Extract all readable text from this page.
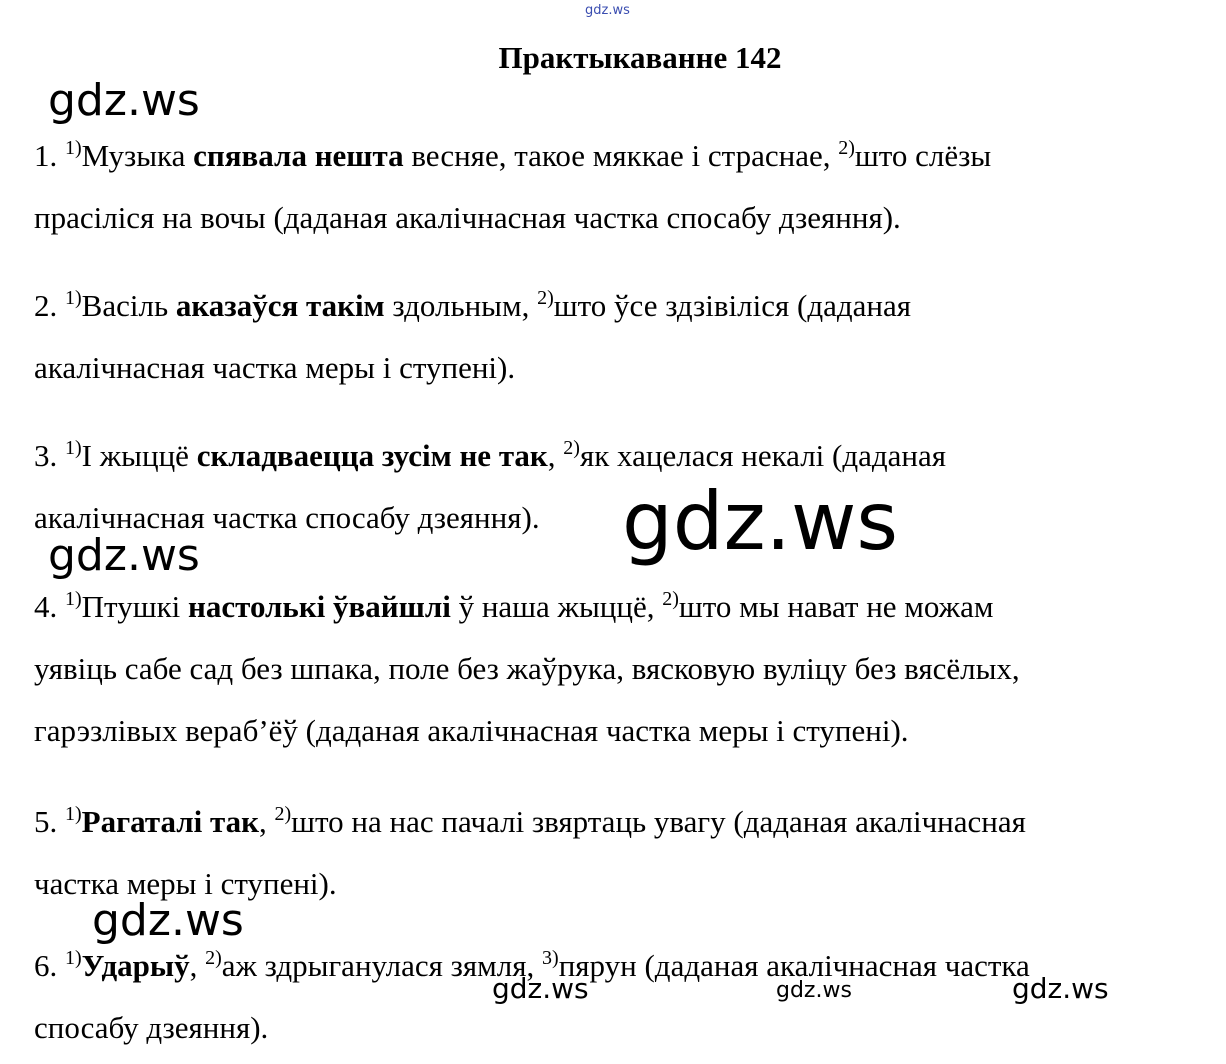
Практыкаванне 142
1. $^{1)}$Музыка спявала нешта весняе, такое мяккае і страснае, $^{2)}$што слёзы
прасіліся на вочы (даданая акалічнасная частка спосабу дзеяння).
2. $^{1)}$Васіль аказаўся такім здольным, $^{2)}$што ўсе здзівіліся (даданая
акалічнасная частка меры і ступені).
3. $^{1)}$І жыццё складваецца зусім не так, $^{2)}$як хацелася некалі (даданая
акалічнасная частка спосабу дзеяння).
4. $^{1)}$Птушкі настолькі ўвайшлі ў наша жыццё, $^{2)}$што мы нават не можам
уявіць сабе сад без шпака, поле без жаўрука, вясковую вуліцу без вясёлых,
гарэзлівых вераб’ёў (даданая акалічнасная частка меры і ступені).
5. $^{1)}$Рагаталі так, $^{2)}$што на нас пачалі звяртаць увагу (даданая акалічнасная
частка меры і ступені).
6. $^{1)}$Ударыў, $^{2)}$аж здрыганулася зямля, $^{3)}$пярун (даданая акалічнасная частка
спосабу дзеяння).
gdz.ws
gdz.ws
gdz.ws
gdz.ws
gdz.ws
gdz.ws	gdz.ws	gdz.ws
